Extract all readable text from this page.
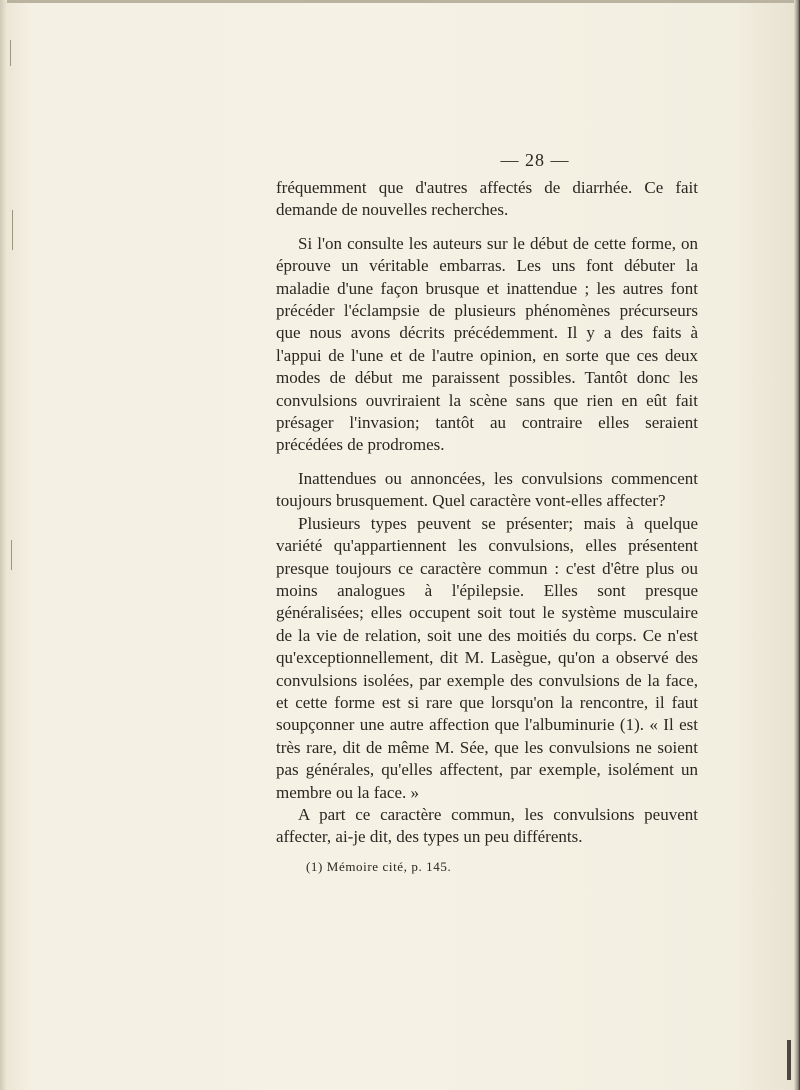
— 28 —

fréquemment que d'autres affectés de diarrhée. Ce fait demande de nouvelles recherches.

Si l'on consulte les auteurs sur le début de cette forme, on éprouve un véritable embarras. Les uns font débuter la maladie d'une façon brusque et inattendue ; les autres font précéder l'éclampsie de plusieurs phénomènes précurseurs que nous avons décrits précédemment. Il y a des faits à l'appui de l'une et de l'autre opinion, en sorte que ces deux modes de début me paraissent possibles. Tantôt donc les convulsions ouvriraient la scène sans que rien en eût fait présager l'invasion; tantôt au contraire elles seraient précédées de prodromes.

Inattendues ou annoncées, les convulsions commencent toujours brusquement. Quel caractère vont-elles affecter?

Plusieurs types peuvent se présenter; mais à quelque variété qu'appartiennent les convulsions, elles présentent presque toujours ce caractère commun : c'est d'être plus ou moins analogues à l'épilepsie. Elles sont presque généralisées; elles occupent soit tout le système musculaire de la vie de relation, soit une des moitiés du corps. Ce n'est qu'exceptionnellement, dit M. Lasègue, qu'on a observé des convulsions isolées, par exemple des convulsions de la face, et cette forme est si rare que lorsqu'on la rencontre, il faut soupçonner une autre affection que l'albuminurie (1). « Il est très rare, dit de même M. Sée, que les convulsions ne soient pas générales, qu'elles affectent, par exemple, isolément un membre ou la face. »

A part ce caractère commun, les convulsions peuvent affecter, ai-je dit, des types un peu différents.

(1) Mémoire cité, p. 145.
